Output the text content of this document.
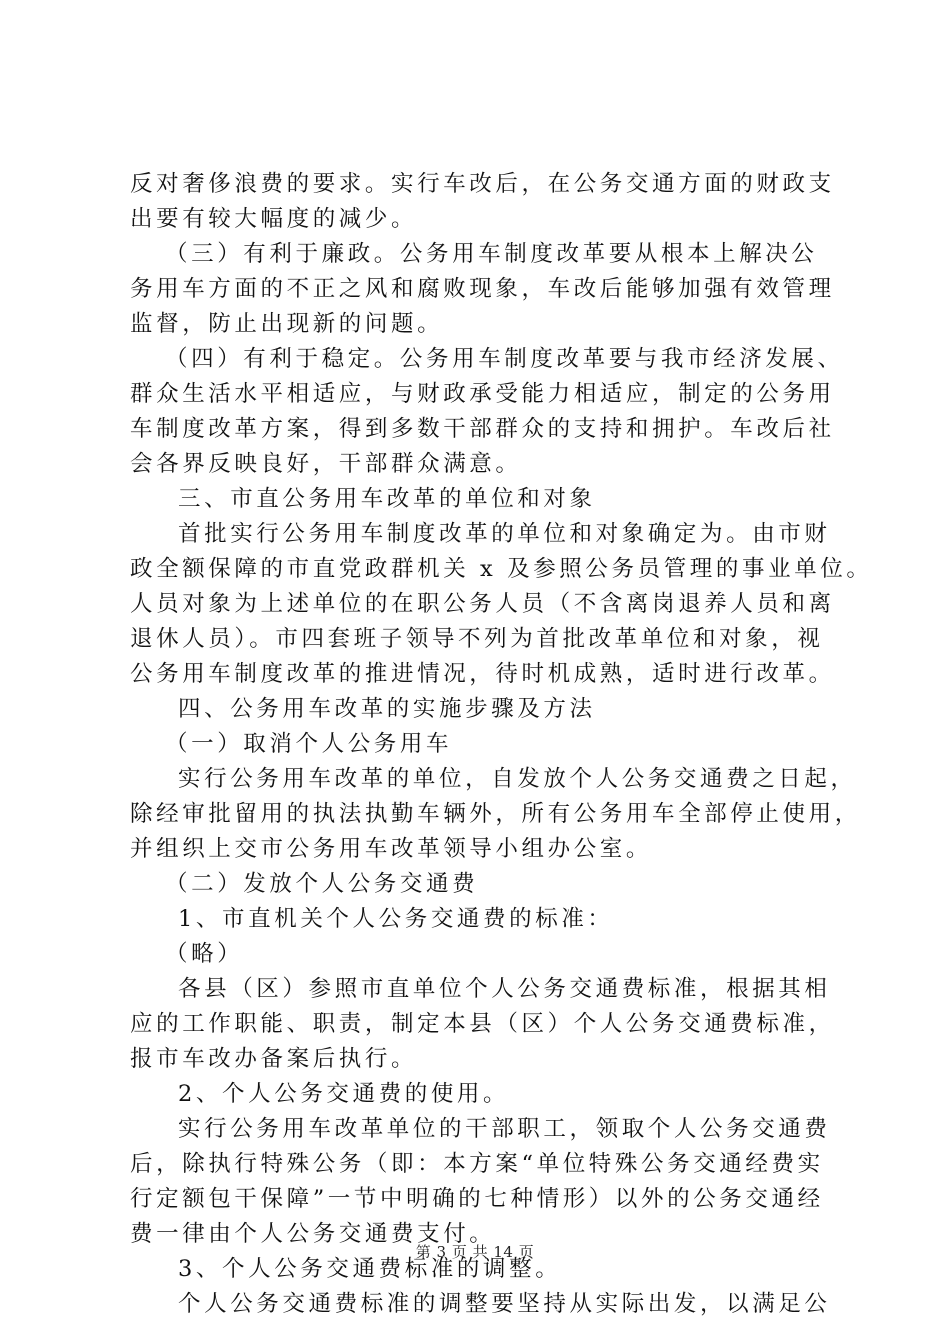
反对奢侈浪费的要求。实行车改后，在公务交通方面的财政支
出要有较大幅度的减少。
（三）有利于廉政。公务用车制度改革要从根本上解决公
务用车方面的不正之风和腐败现象，车改后能够加强有效管理
监督，防止出现新的问题。
（四）有利于稳定。公务用车制度改革要与我市经济发展、
群众生活水平相适应，与财政承受能力相适应，制定的公务用
车制度改革方案，得到多数干部群众的支持和拥护。车改后社
会各界反映良好，干部群众满意。
三、市直公务用车改革的单位和对象
首批实行公务用车制度改革的单位和对象确定为。由市财
政全额保障的市直党政群机关 x 及参照公务员管理的事业单位。
人员对象为上述单位的在职公务人员（不含离岗退养人员和离
退休人员）。市四套班子领导不列为首批改革单位和对象，视
公务用车制度改革的推进情况，待时机成熟，适时进行改革。
四、公务用车改革的实施步骤及方法
（一）取消个人公务用车
实行公务用车改革的单位，自发放个人公务交通费之日起，
除经审批留用的执法执勤车辆外，所有公务用车全部停止使用，
并组织上交市公务用车改革领导小组办公室。
（二）发放个人公务交通费
1、市直机关个人公务交通费的标准：
（略）
各县（区）参照市直单位个人公务交通费标准，根据其相
应的工作职能、职责，制定本县（区）个人公务交通费标准，
报市车改办备案后执行。
2、个人公务交通费的使用。
实行公务用车改革单位的干部职工，领取个人公务交通费
后，除执行特殊公务（即：本方案“单位特殊公务交通经费实
行定额包干保障”一节中明确的七种情形）以外的公务交通经
费一律由个人公务交通费支付。
3、个人公务交通费标准的调整。
个人公务交通费标准的调整要坚持从实际出发，以满足公
第 3 页 共 14 页
